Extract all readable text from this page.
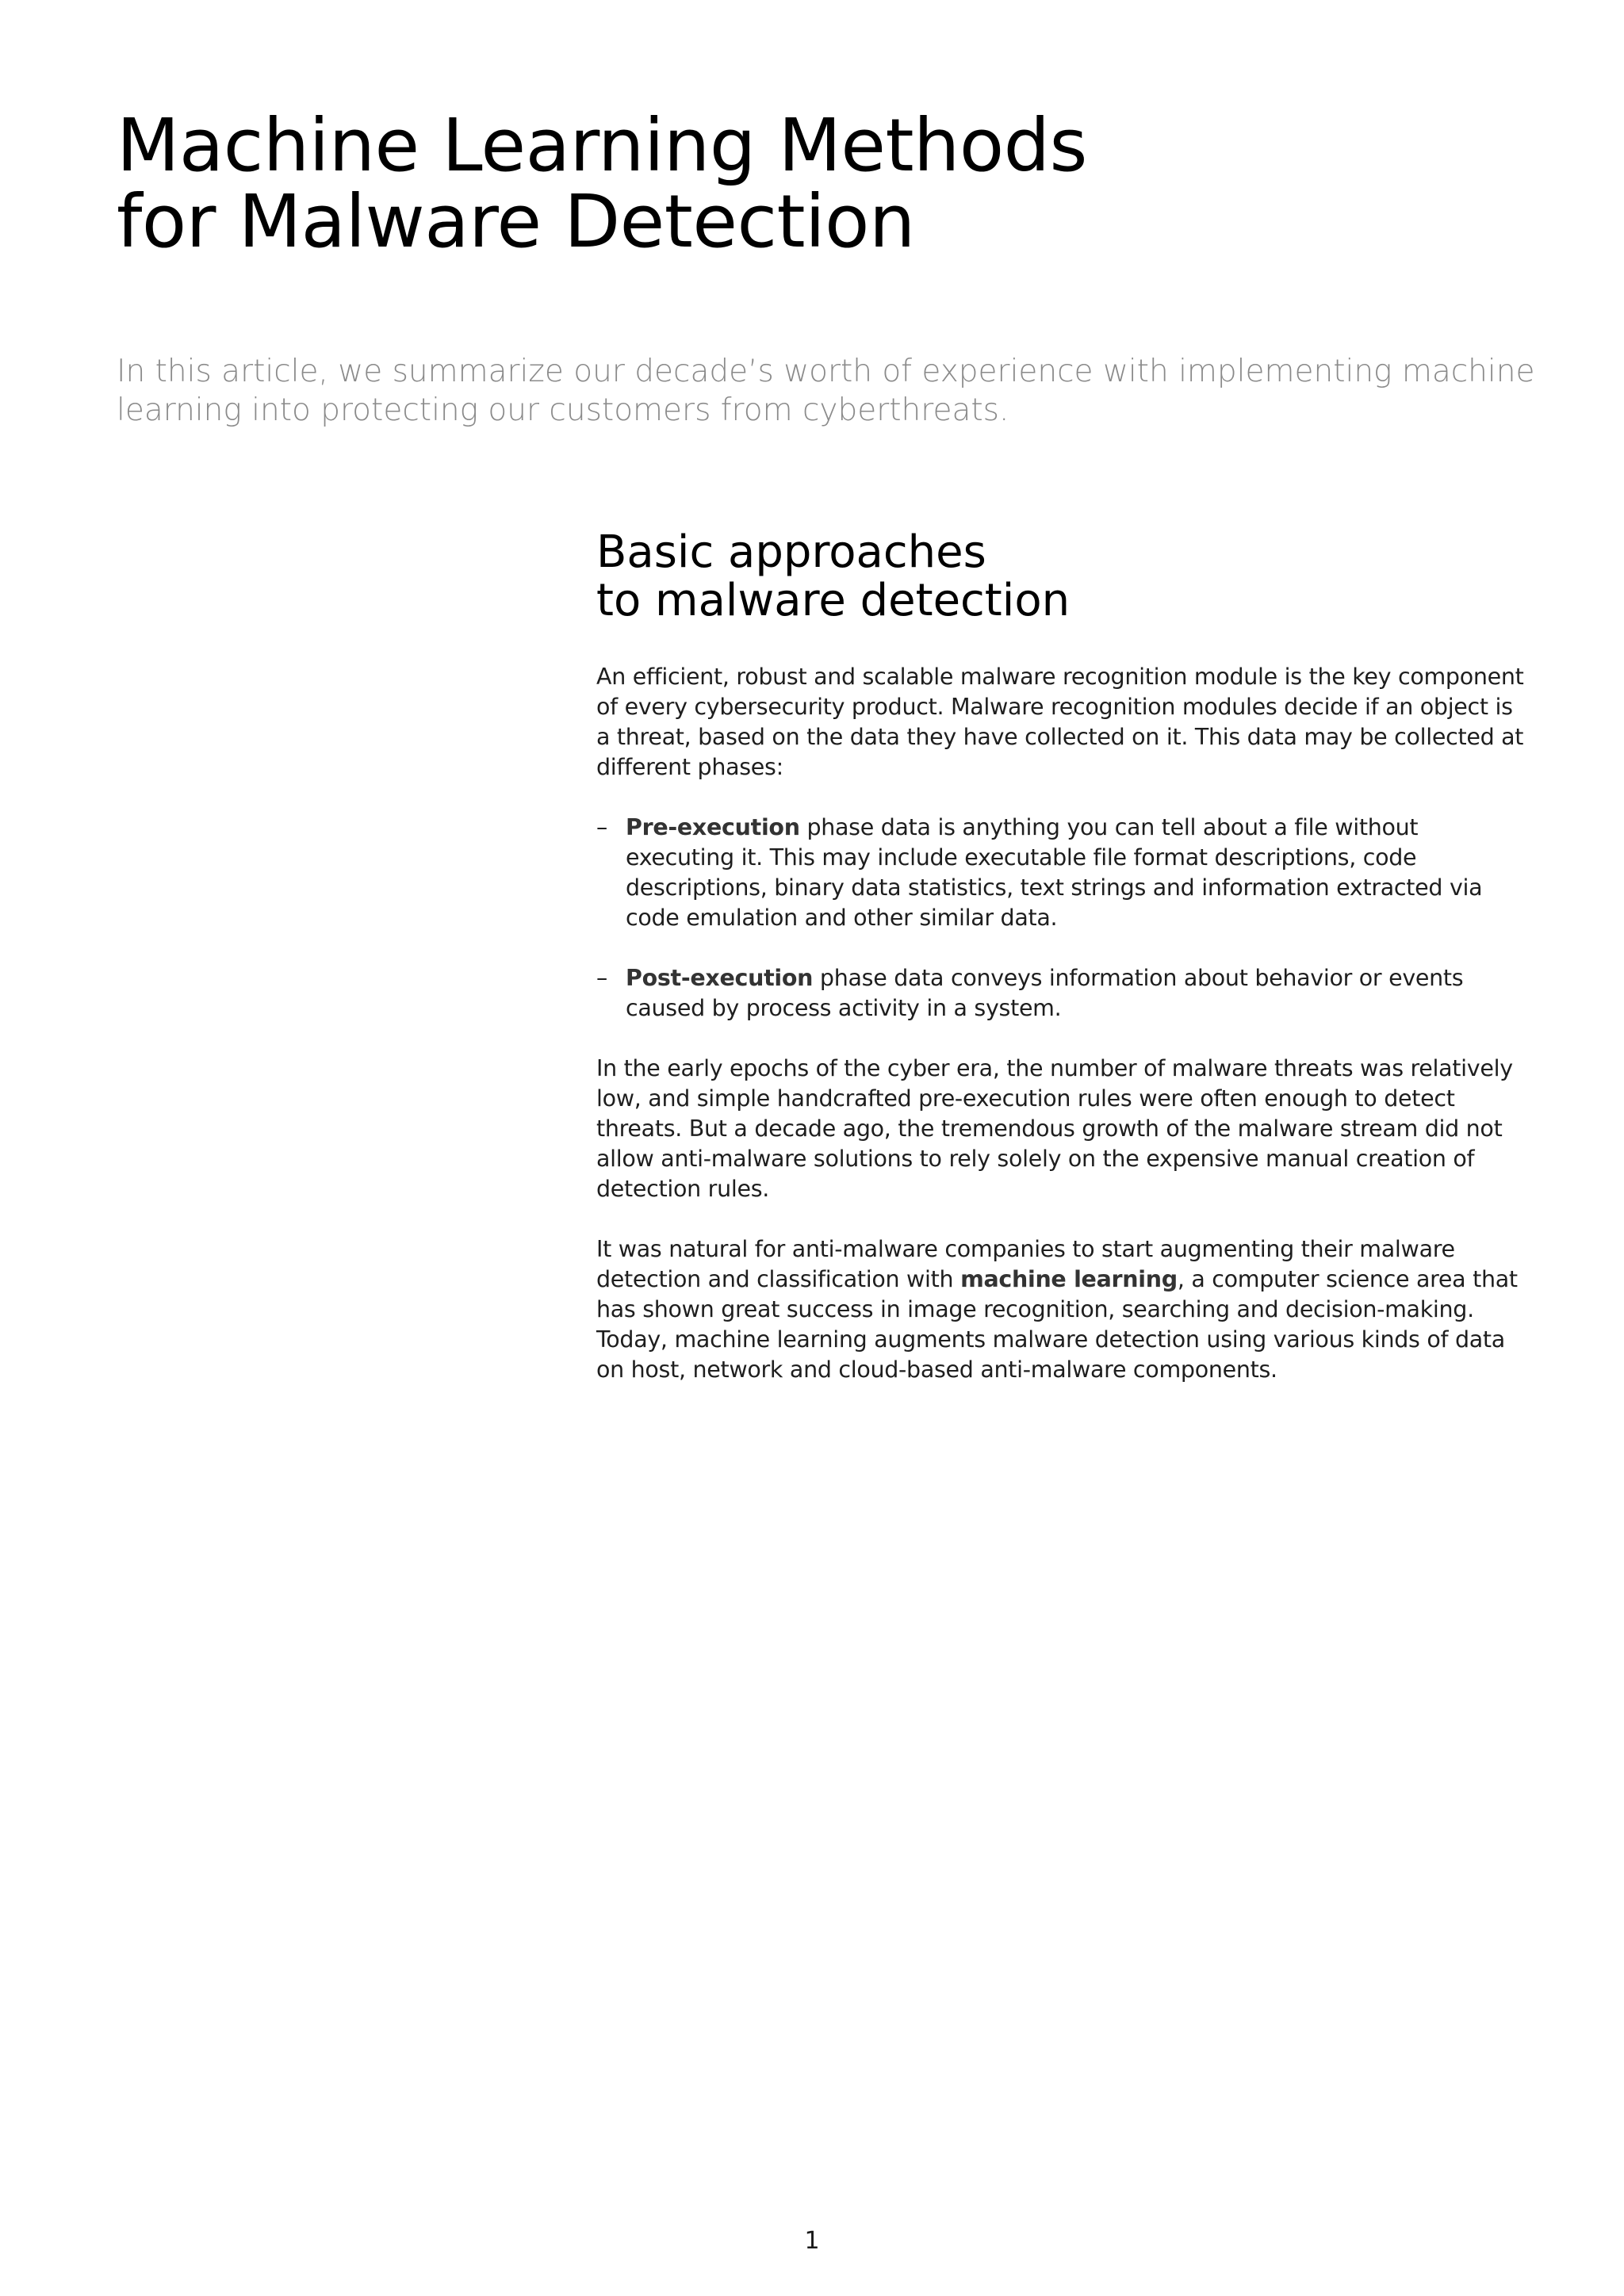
Machine Learning Methods
for Malware Detection

In this article, we summarize our decade’s worth of experience with implementing machine
learning into protecting our customers from cyberthreats.

Basic approaches
to malware detection

An efficient, robust and scalable malware recognition module is the key component of every cybersecurity product. Malware recognition modules decide if an object is a threat, based on the data they have collected on it. This data may be collected at different phases:

– Pre-execution phase data is anything you can tell about a file without executing it. This may include executable file format descriptions, code descriptions, binary data statistics, text strings and information extracted via code emulation and other similar data.
– Post-execution phase data conveys information about behavior or events caused by process activity in a system.

In the early epochs of the cyber era, the number of malware threats was relatively low, and simple handcrafted pre-execution rules were often enough to detect threats. But a decade ago, the tremendous growth of the malware stream did not allow anti-malware solutions to rely solely on the expensive manual creation of detection rules.

It was natural for anti-malware companies to start augmenting their malware detection and classification with machine learning, a computer science area that has shown great success in image recognition, searching and decision-making. Today, machine learning augments malware detection using various kinds of data on host, network and cloud-based anti-malware components.

1
